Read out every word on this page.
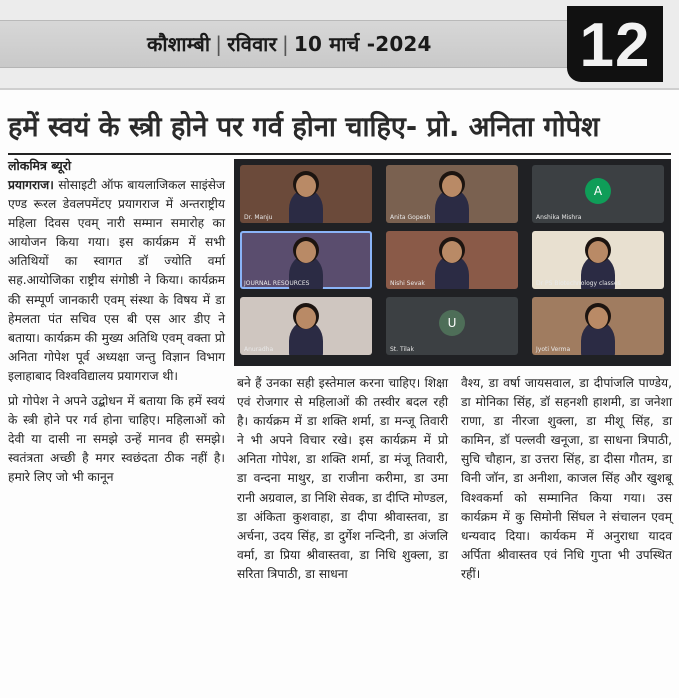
कौशाम्बी | रविवार | 10 मार्च -2024 12
हमें स्वयं के स्त्री होने पर गर्व होना चाहिए- प्रो. अनिता गोपेश
लोकमित्र ब्यूरो

प्रयागराज। सोसाइटी ऑफ बायलाजिकल साइंसेज एण्ड रूरल डेवलपमेंटए प्रयागराज में अन्तराष्ट्रीय महिला दिवस एवम् नारी सम्मान समारोह का आयोजन किया गया। इस कार्यक्रम में सभी अतिथियों का स्वागत डॉ ज्योति वर्मा सह.आयोजिका राष्ट्रीय संगोष्ठी ने किया। कार्यक्रम की सम्पूर्ण जानकारी एवम् संस्था के विषय में डा हेमलता पंत सचिव एस बी एस आर डीए ने बताया। कार्यक्रम की मुख्य अतिथि एवम् वक्ता प्रो अनिता गोपेश पूर्व अध्यक्षा जन्तु विज्ञान विभाग इलाहाबाद विश्वविद्यालय प्रयागराज थी।

प्रो गोपेश ने अपने उद्बोधन में बताया कि हमें स्वयं के स्त्री होने पर गर्व होना चाहिए। महिलाओं को देवी या दासी ना समझे उन्हें मानव ही समझे। स्वतंत्रता अच्छी है मगर स्वछंदता ठीक नहीं है। हमारे लिए जो भी कानून

Dr. Manju	Anita Gopesh
A
Anshika Mishra
JOURNAL RESOURCES	Nishi Sevak	Dr PS Biotechnology classes
Anuradha
U
St. Tilak	Jyoti Verma

बने हैं उनका सही इस्तेमाल करना चाहिए। शिक्षा एवं रोजगार से महिलाओं की तस्वीर बदल रही है। कार्यक्रम में डा शक्ति शर्मा, डा मन्जू तिवारी ने भी अपने विचार रखे। इस कार्यक्रम में प्रो अनिता गोपेश, डा शक्ति शर्मा, डा मंजू तिवारी, डा वन्दना माथुर, डा राजीना करीमा, डा उमा रानी अग्रवाल, डा निशि सेवक, डा दीप्ति मोण्डल, डा अंकिता कुशवाहा, डा दीपा श्रीवास्तवा, डा अर्चना, उदय सिंह, डा दुर्गेश नन्दिनी, डा अंजलि वर्मा, डा प्रिया श्रीवास्तवा, डा निधि शुक्ला, डा सरिता त्रिपाठी, डा साधना

वैश्य, डा वर्षा जायसवाल, डा दीपांजलि पाण्डेय, डा मोनिका सिंह, डॉ सहनशी हाशमी, डा जनेशा राणा, डा नीरजा शुक्ला, डा मीशू सिंह, डा कामिन, डॉ पल्लवी खनूजा, डा साधना त्रिपाठी, सुचि चौहान, डा उत्तरा सिंह, डा दीसा गौतम, डा विनी जॉन, डा अनीशा, काजल सिंह और खुशबू विश्वकर्मा को सम्मानित किया गया। उस कार्यक्रम में कु सिमोनी सिंघल ने संचालन एवम् धन्यवाद दिया। कार्यकम में अनुराधा यादव अर्पिता श्रीवास्तव एवं निधि गुप्ता भी उपस्थित रहीं।
